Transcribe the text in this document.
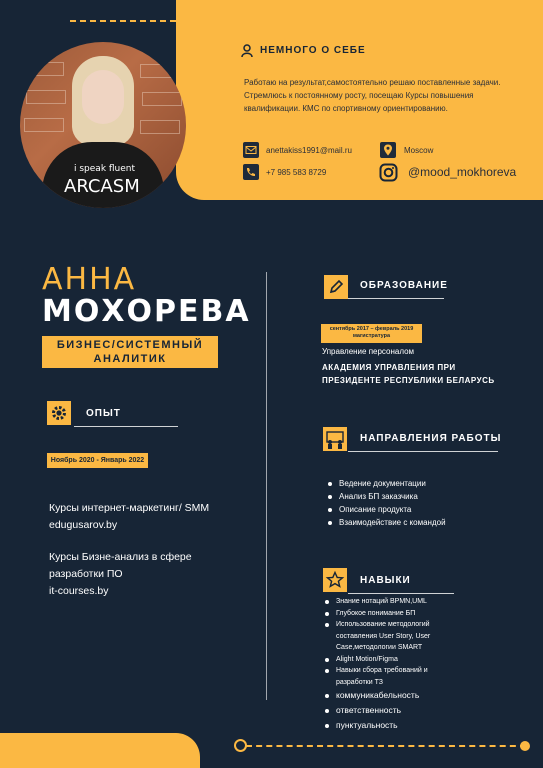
i speak fluent
ARCASM
НЕМНОГО О СЕБЕ

Работаю на результат,самостоятельно решаю поставленные задачи. Стремлюсь к постоянному росту, посещаю Курсы повышения квалификации. КМС по спортивному ориентированию.

anettakiss1991@mail.ru
+7 985 583 8729
Moscow
@mood_mokhoreva
АННА
МОХОРЕВА
БИЗНЕС/СИСТЕМНЫЙ
АНАЛИТИК
ОПЫТ
Ноябрь 2020 - Январь 2022
Курсы интернет-маркетинг/ SMM
edugusarov.by
Курсы Бизне-анализ в сфере
разработки ПО
it-courses.by
ОБРАЗОВАНИЕ
сентябрь 2017 – февраль 2019
магистратура
Управление персоналом
АКАДЕМИЯ УПРАВЛЕНИЯ ПРИ
ПРЕЗИДЕНТЕ РЕСПУБЛИКИ БЕЛАРУСЬ
НАПРАВЛЕНИЯ РАБОТЫ
Ведение документации
Анализ БП заказчика
Описание продукта
Взаимодействие с командой
НАВЫКИ
Знание нотаций BPMN,UML
Глубокое понимание БП
Использование методологий составления User Story, User Case,методологии SMART
Alight Motion/Figma
Навыки сбора требований и разработки ТЗ
коммуникабельность
ответственность
пунктуальность
